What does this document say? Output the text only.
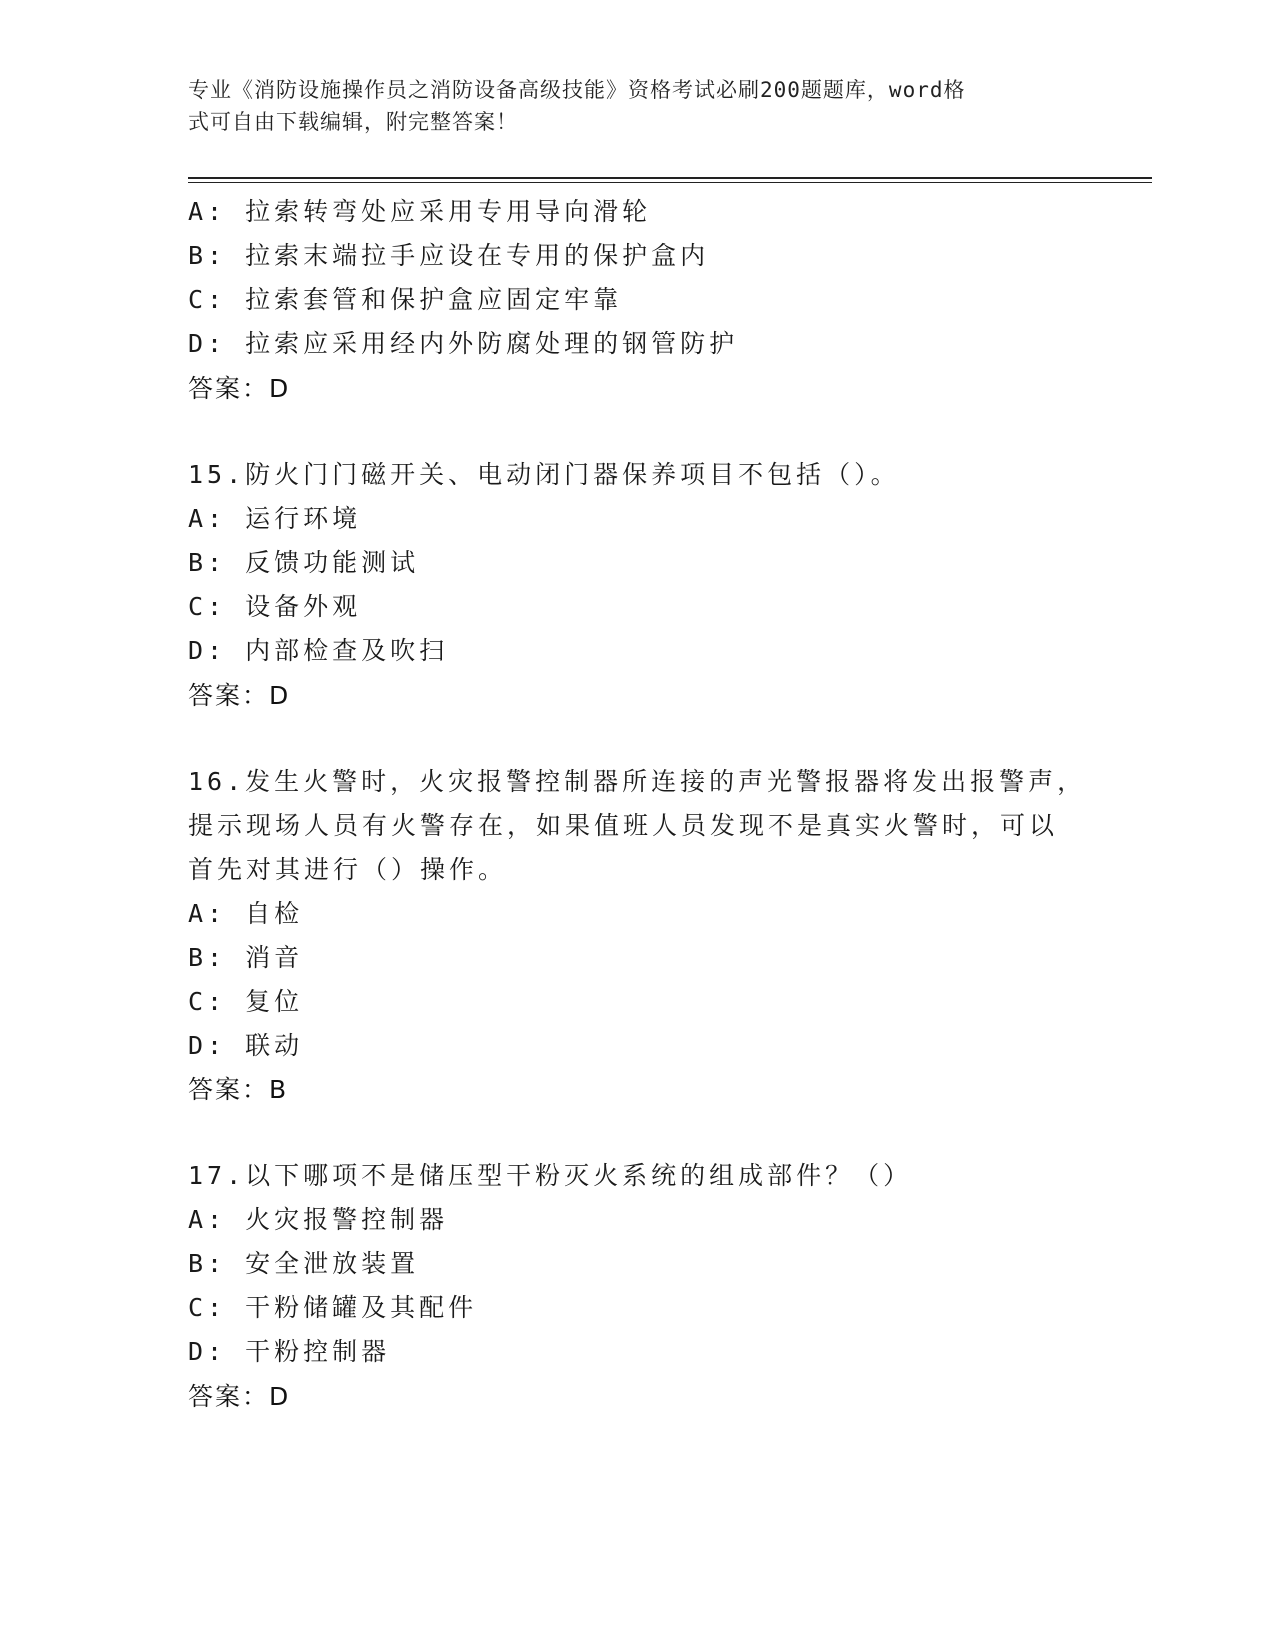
专业《消防设施操作员之消防设备高级技能》资格考试必刷200题题库，word格
式可自由下载编辑，附完整答案！
A: 拉索转弯处应采用专用导向滑轮
B: 拉索末端拉手应设在专用的保护盒内
C: 拉索套管和保护盒应固定牢靠
D: 拉索应采用经内外防腐处理的钢管防护
答案：D
15.防火门门磁开关、电动闭门器保养项目不包括（）。
A: 运行环境
B: 反馈功能测试
C: 设备外观
D: 内部检查及吹扫
答案：D
16.发生火警时，火灾报警控制器所连接的声光警报器将发出报警声，
提示现场人员有火警存在，如果值班人员发现不是真实火警时，可以
首先对其进行（）操作。
A: 自检
B: 消音
C: 复位
D: 联动
答案：B
17.以下哪项不是储压型干粉灭火系统的组成部件？（）
A: 火灾报警控制器
B: 安全泄放装置
C: 干粉储罐及其配件
D: 干粉控制器
答案：D
